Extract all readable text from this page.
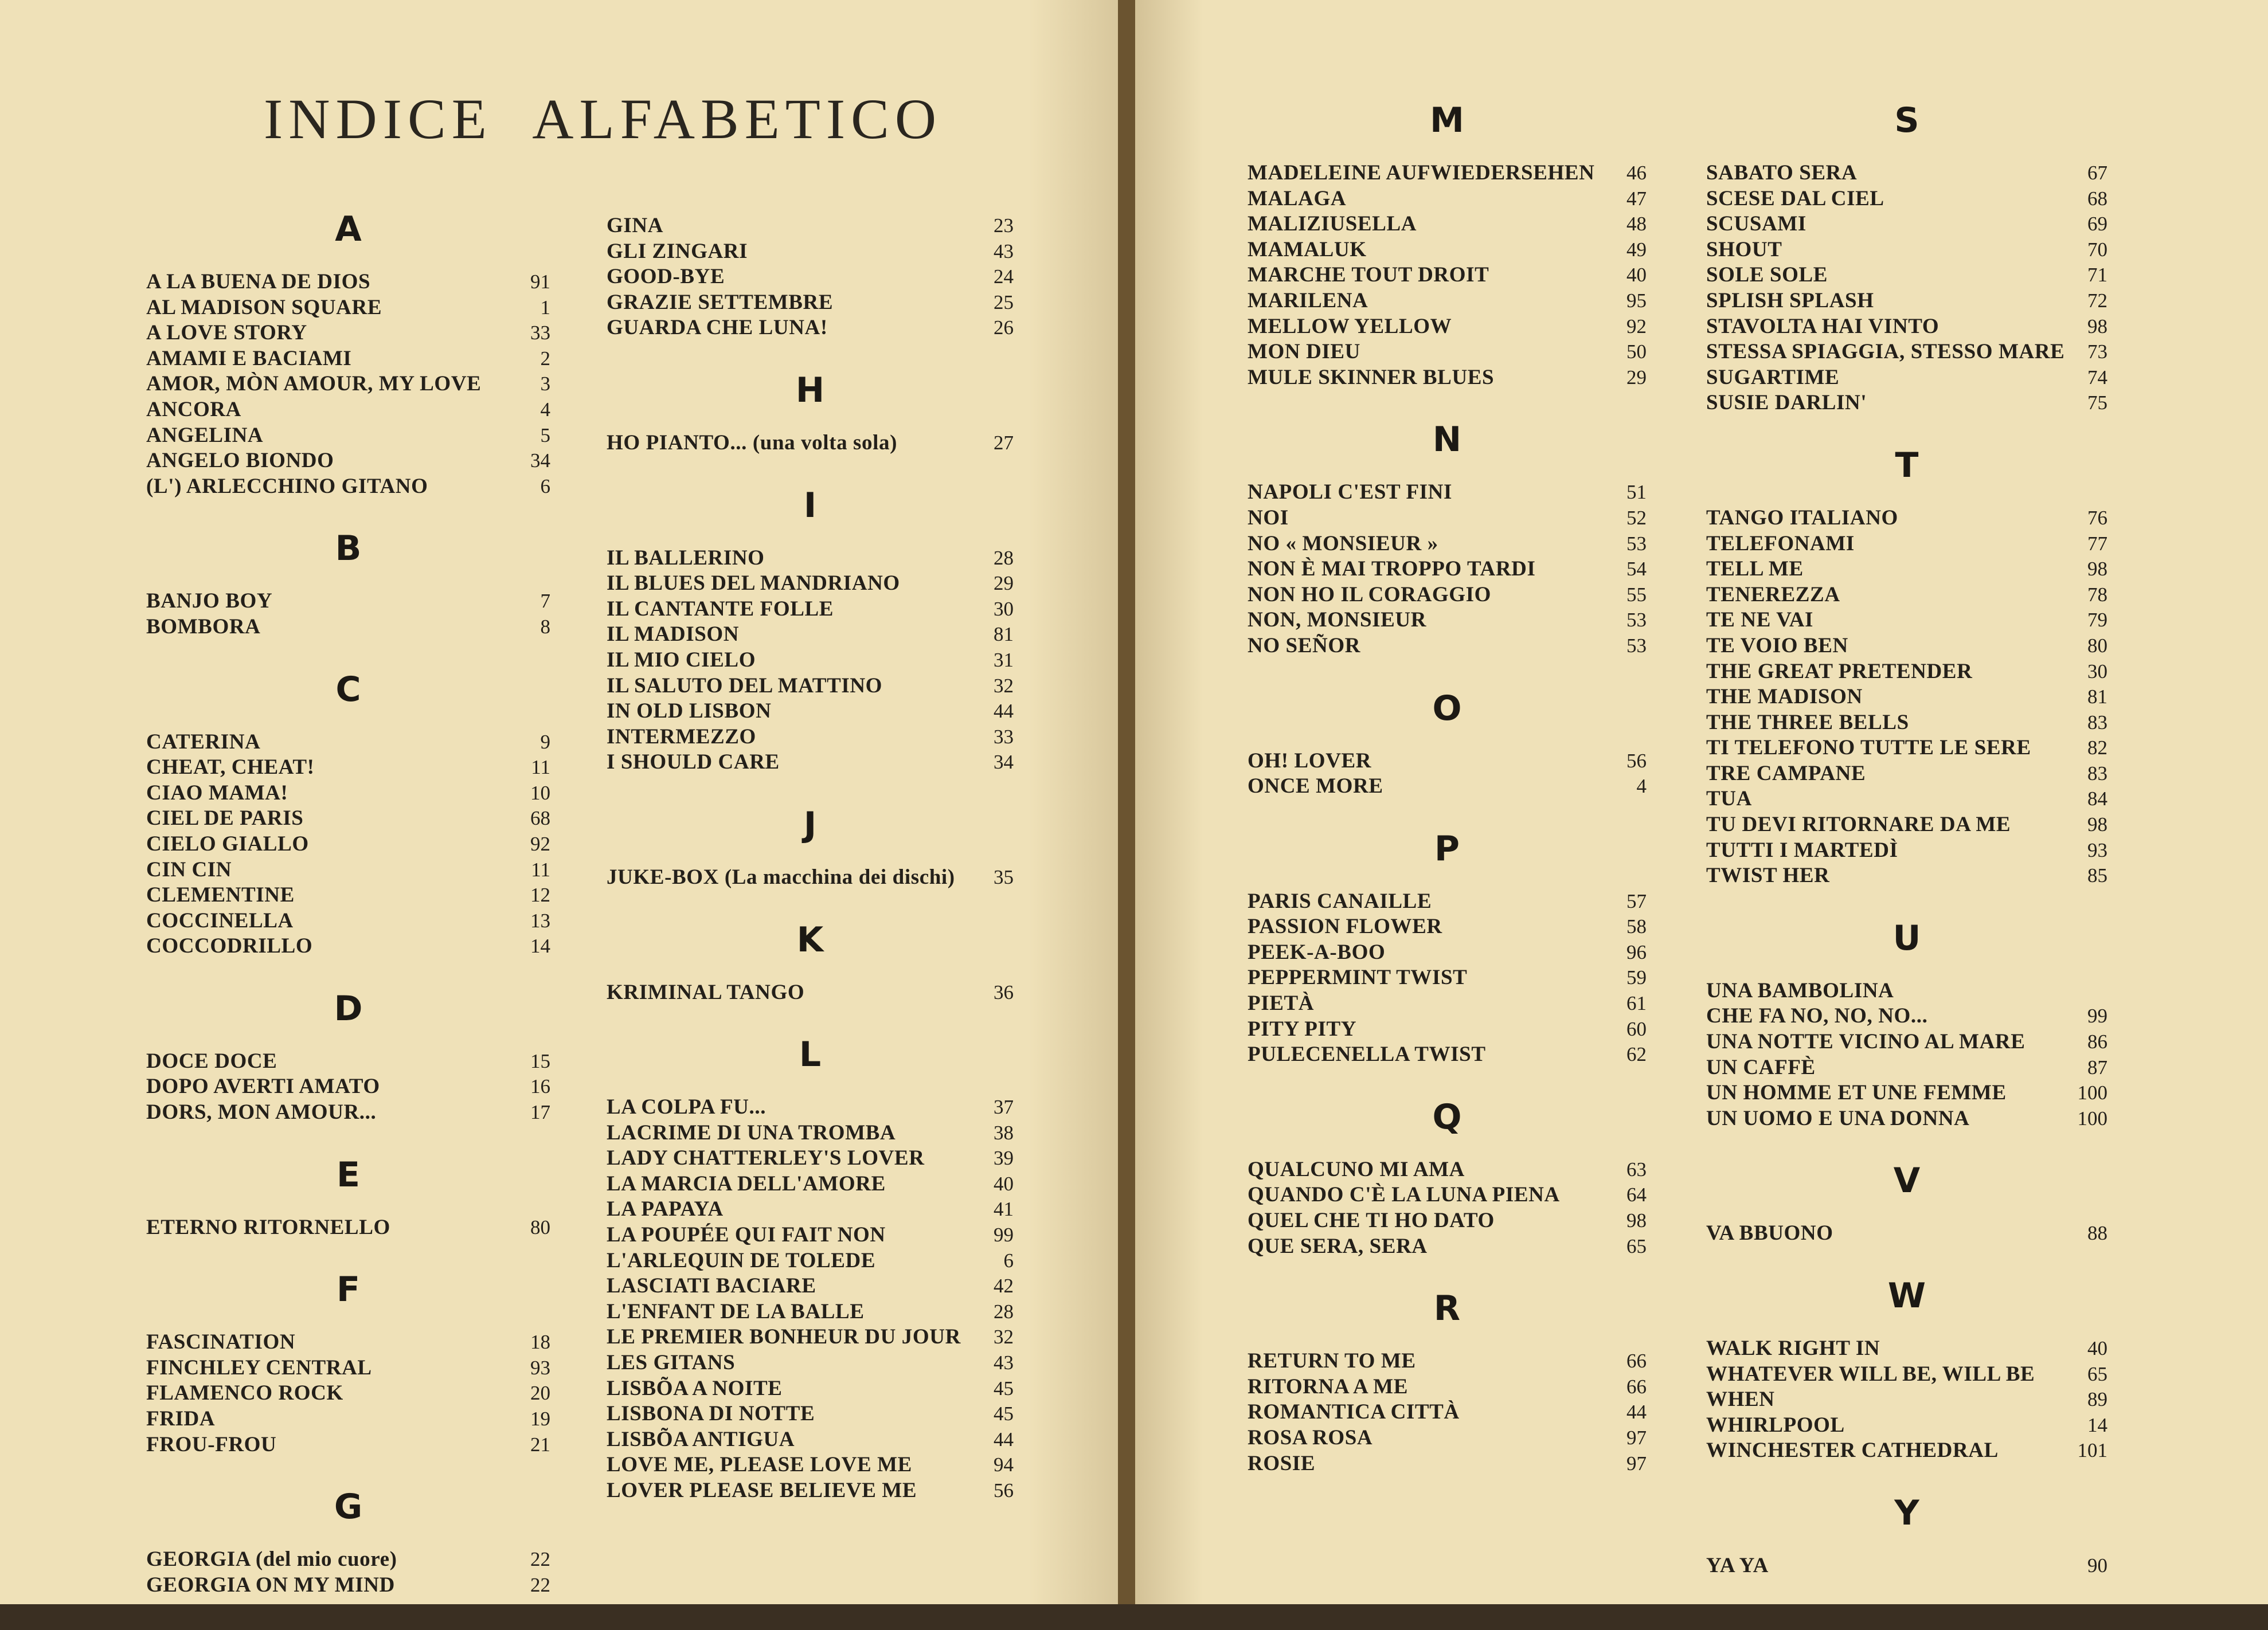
INDICE ALFABETICO
A
A LA BUENA DE DIOS	91
AL MADISON SQUARE	1
A LOVE STORY	33
AMAMI E BACIAMI	2
AMOR, MÒN AMOUR, MY LOVE	3
ANCORA	4
ANGELINA	5
ANGELO BIONDO	34
(L') ARLECCHINO GITANO	6
B
BANJO BOY	7
BOMBORA	8
C
CATERINA	9
CHEAT, CHEAT!	11
CIAO MAMA!	10
CIEL DE PARIS	68
CIELO GIALLO	92
CIN CIN	11
CLEMENTINE	12
COCCINELLA	13
COCCODRILLO	14
D
DOCE DOCE	15
DOPO AVERTI AMATO	16
DORS, MON AMOUR...	17
E
ETERNO RITORNELLO	80
F
FASCINATION	18
FINCHLEY CENTRAL	93
FLAMENCO ROCK	20
FRIDA	19
FROU-FROU	21
G
GEORGIA (del mio cuore)	22
GEORGIA ON MY MIND	22
GINA	23
GLI ZINGARI	43
GOOD-BYE	24
GRAZIE SETTEMBRE	25
GUARDA CHE LUNA!	26
H
HO PIANTO... (una volta sola)	27
I
IL BALLERINO	28
IL BLUES DEL MANDRIANO	29
IL CANTANTE FOLLE	30
IL MADISON	81
IL MIO CIELO	31
IL SALUTO DEL MATTINO	32
IN OLD LISBON	44
INTERMEZZO	33
I SHOULD CARE	34
J
JUKE-BOX (La macchina dei dischi)	35
K
KRIMINAL TANGO	36
L
LA COLPA FU...	37
LACRIME DI UNA TROMBA	38
LADY CHATTERLEY'S LOVER	39
LA MARCIA DELL'AMORE	40
LA PAPAYA	41
LA POUPÉE QUI FAIT NON	99
L'ARLEQUIN DE TOLEDE	6
LASCIATI BACIARE	42
L'ENFANT DE LA BALLE	28
LE PREMIER BONHEUR DU JOUR	32
LES GITANS	43
LISBÕA A NOITE	45
LISBONA DI NOTTE	45
LISBÕA ANTIGUA	44
LOVE ME, PLEASE LOVE ME	94
LOVER PLEASE BELIEVE ME	56
M
MADELEINE AUFWIEDERSEHEN	46
MALAGA	47
MALIZIUSELLA	48
MAMALUK	49
MARCHE TOUT DROIT	40
MARILENA	95
MELLOW YELLOW	92
MON DIEU	50
MULE SKINNER BLUES	29
N
NAPOLI C'EST FINI	51
NOI	52
NO « MONSIEUR »	53
NON È MAI TROPPO TARDI	54
NON HO IL CORAGGIO	55
NON, MONSIEUR	53
NO SEÑOR	53
O
OH! LOVER	56
ONCE MORE	4
P
PARIS CANAILLE	57
PASSION FLOWER	58
PEEK-A-BOO	96
PEPPERMINT TWIST	59
PIETÀ	61
PITY PITY	60
PULECENELLA TWIST	62
Q
QUALCUNO MI AMA	63
QUANDO C'È LA LUNA PIENA	64
QUEL CHE TI HO DATO	98
QUE SERA, SERA	65
R
RETURN TO ME	66
RITORNA A ME	66
ROMANTICA CITTÀ	44
ROSA ROSA	97
ROSIE	97
S
SABATO SERA	67
SCESE DAL CIEL	68
SCUSAMI	69
SHOUT	70
SOLE SOLE	71
SPLISH SPLASH	72
STAVOLTA HAI VINTO	98
STESSA SPIAGGIA, STESSO MARE	73
SUGARTIME	74
SUSIE DARLIN'	75
T
TANGO ITALIANO	76
TELEFONAMI	77
TELL ME	98
TENEREZZA	78
TE NE VAI	79
TE VOIO BEN	80
THE GREAT PRETENDER	30
THE MADISON	81
THE THREE BELLS	83
TI TELEFONO TUTTE LE SERE	82
TRE CAMPANE	83
TUA	84
TU DEVI RITORNARE DA ME	98
TUTTI I MARTEDÌ	93
TWIST HER	85
U
UNA BAMBOLINA
CHE FA NO, NO, NO...	99
UNA NOTTE VICINO AL MARE	86
UN CAFFÈ	87
UN HOMME ET UNE FEMME	100
UN UOMO E UNA DONNA	100
V
VA BBUONO	88
W
WALK RIGHT IN	40
WHATEVER WILL BE, WILL BE	65
WHEN	89
WHIRLPOOL	14
WINCHESTER CATHEDRAL	101
Y
YA YA	90
